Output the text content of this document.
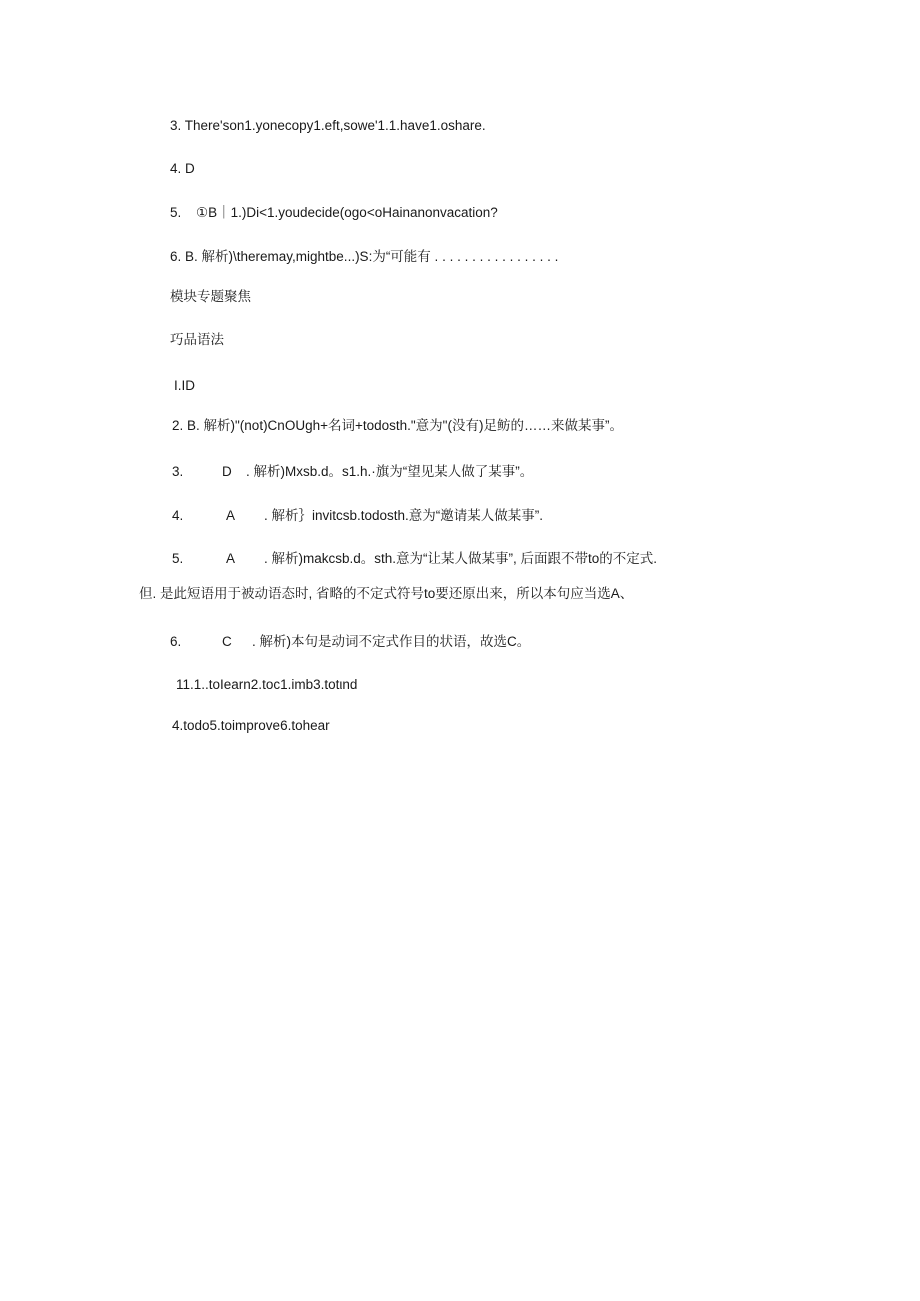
3. There'son1.yonecopy1.eft,sowe'1.1.have1.oshare.
4. D
5. ①B｜1.)Di<1.youdecide(ogo<oHainanonvacation?
6. B. 解析)\theremay,mightbe...)S:为“可能有 . . . . . . . . . . . . . . . . .
模块专题聚焦
巧品语法
I.ID
2. B. 解析)"(not)CnOUgh+名词+todosth."意为"(没有)足鲂的……来做某事”。
3.	D . 解析)Mxsb.d。s1.h.·旗为“望见某人做了某事”。
4.	A . 解析｝invitcsb.todosth.意为“邀请某人做某事”.
5.	A . 解析)makcsb.d。sth.意为“让某人做某事”, 后面跟不带to的不定式.
但. 是此短语用于被动语态时, 省略的不定式符号to要还原出来，所以本句应当选A、
6.	C . 解析)本句是动词不定式作目的状语，故选C。
11.1..toIearn2.toc1.imb3.totιnd
4.todo5.toimprove6.tohear
